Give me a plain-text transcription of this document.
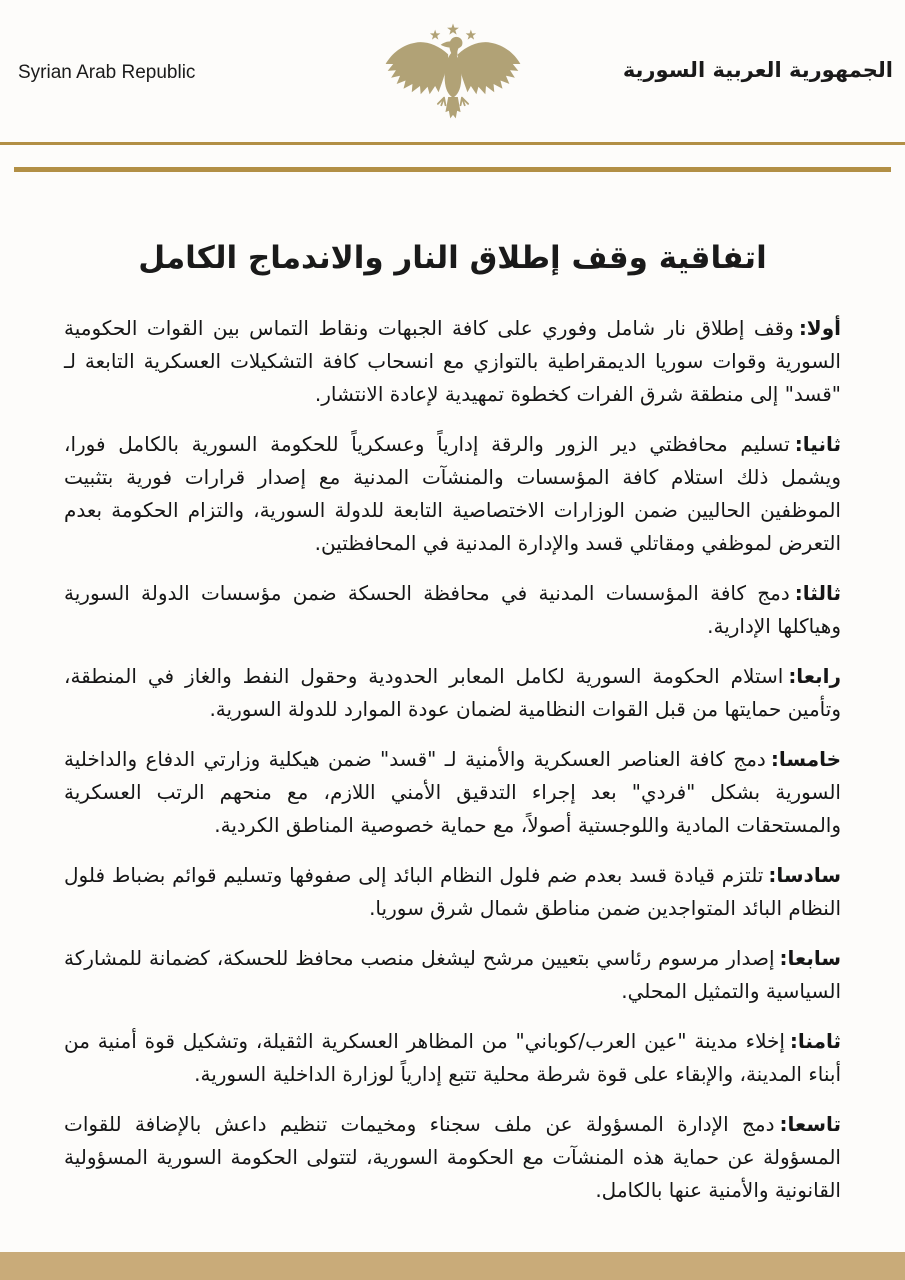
Syrian Arab Republic	الجمهورية العربية السورية
اتفاقية وقف إطلاق النار والاندماج الكامل

أولا:وقف إطلاق نار شامل وفوري على كافة الجبهات ونقاط التماس بين القوات الحكومية السورية وقوات سوريا الديمقراطية بالتوازي مع انسحاب كافة التشكيلات العسكرية التابعة لـ "قسد" إلى منطقة شرق الفرات كخطوة تمهيدية لإعادة الانتشار.

ثانيا:تسليم محافظتي دير الزور والرقة إدارياً وعسكرياً للحكومة السورية بالكامل فورا، ويشمل ذلك استلام كافة المؤسسات والمنشآت المدنية مع إصدار قرارات فورية بتثبيت الموظفين الحاليين ضمن الوزارات الاختصاصية التابعة للدولة السورية، والتزام الحكومة بعدم التعرض لموظفي ومقاتلي قسد والإدارة المدنية في المحافظتين.

ثالثا:دمج كافة المؤسسات المدنية في محافظة الحسكة ضمن مؤسسات الدولة السورية وهياكلها الإدارية.

رابعا:استلام الحكومة السورية لكامل المعابر الحدودية وحقول النفط والغاز في المنطقة، وتأمين حمايتها من قبل القوات النظامية لضمان عودة الموارد للدولة السورية.

خامسا:دمج كافة العناصر العسكرية والأمنية لـ "قسد" ضمن هيكلية وزارتي الدفاع والداخلية السورية بشكل "فردي" بعد إجراء التدقيق الأمني اللازم، مع منحهم الرتب العسكرية والمستحقات المادية واللوجستية أصولاً، مع حماية خصوصية المناطق الكردية.

سادسا:تلتزم قيادة قسد بعدم ضم فلول النظام البائد إلى صفوفها وتسليم قوائم بضباط فلول النظام البائد المتواجدين ضمن مناطق شمال شرق سوريا.

سابعا:إصدار مرسوم رئاسي بتعيين مرشح ليشغل منصب محافظ للحسكة، كضمانة للمشاركة السياسية والتمثيل المحلي.

ثامنا:إخلاء مدينة "عين العرب/كوباني" من المظاهر العسكرية الثقيلة، وتشكيل قوة أمنية من أبناء المدينة، والإبقاء على قوة شرطة محلية تتبع إدارياً لوزارة الداخلية السورية.

تاسعا:دمج الإدارة المسؤولة عن ملف سجناء ومخيمات تنظيم داعش بالإضافة للقوات المسؤولة عن حماية هذه المنشآت مع الحكومة السورية، لتتولى الحكومة السورية المسؤولية القانونية والأمنية عنها بالكامل.
